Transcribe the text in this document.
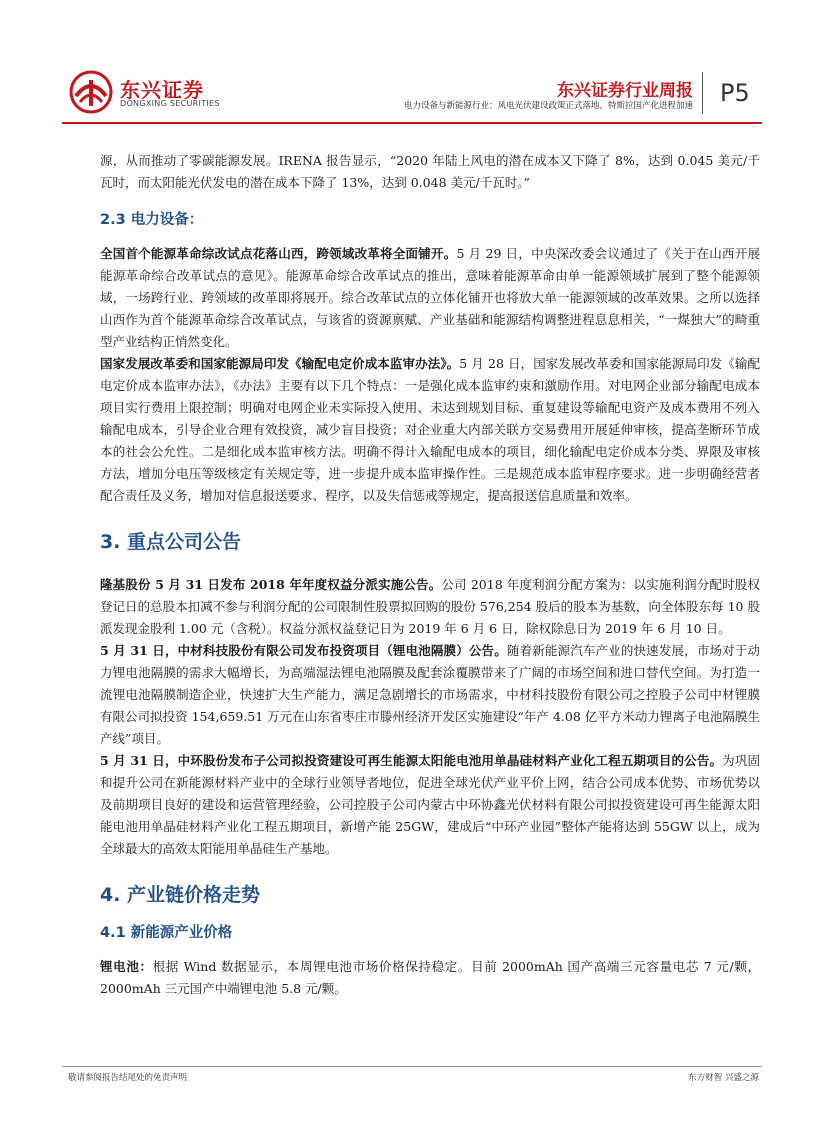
东兴证券
DONGXING SECURITIES
东兴证券行业周报
电力设备与新能源行业：风电光伏建设政策正式落地，特斯拉国产化进程加速 P5

源，从而推动了零碳能源发展。IRENA 报告显示，“2020 年陆上风电的潜在成本又下降了 8%，达到 0.045 美元/千瓦时，而太阳能光伏发电的潜在成本下降了 13%，达到 0.048 美元/千瓦时。”

2.3 电力设备：

全国首个能源革命综改试点花落山西，跨领域改革将全面铺开。5 月 29 日，中央深改委会议通过了《关于在山西开展能源革命综合改革试点的意见》。能源革命综合改革试点的推出，意味着能源革命由单一能源领域扩展到了整个能源领域，一场跨行业、跨领域的改革即将展开。综合改革试点的立体化铺开也将放大单一能源领域的改革效果。之所以选择山西作为首个能源革命综合改革试点，与该省的资源禀赋、产业基础和能源结构调整进程息息相关，“一煤独大”的畸重型产业结构正悄然变化。

国家发展改革委和国家能源局印发《输配电定价成本监审办法》。5 月 28 日，国家发展改革委和国家能源局印发《输配电定价成本监审办法》，《办法》主要有以下几个特点：一是强化成本监审约束和激励作用。对电网企业部分输配电成本项目实行费用上限控制；明确对电网企业未实际投入使用、未达到规划目标、重复建设等输配电资产及成本费用不列入输配电成本，引导企业合理有效投资，减少盲目投资；对企业重大内部关联方交易费用开展延伸审核，提高垄断环节成本的社会公允性。二是细化成本监审核方法。明确不得计入输配电成本的项目，细化输配电定价成本分类、界限及审核方法，增加分电压等级核定有关规定等，进一步提升成本监审操作性。三是规范成本监审程序要求。进一步明确经营者配合责任及义务，增加对信息报送要求、程序，以及失信惩戒等规定，提高报送信息质量和效率。

3. 重点公司公告

隆基股份 5 月 31 日发布 2018 年年度权益分派实施公告。公司 2018 年度利润分配方案为：以实施利润分配时股权登记日的总股本扣减不参与利润分配的公司限制性股票拟回购的股份 576,254 股后的股本为基数，向全体股东每 10 股派发现金股利 1.00 元（含税）。权益分派权益登记日为 2019 年 6 月 6 日，除权除息日为 2019 年 6 月 10 日。

5 月 31 日，中材科技股份有限公司发布投资项目（锂电池隔膜）公告。随着新能源汽车产业的快速发展，市场对于动力锂电池隔膜的需求大幅增长，为高端湿法锂电池隔膜及配套涂覆膜带来了广阔的市场空间和进口替代空间。为打造一流锂电池隔膜制造企业，快速扩大生产能力，满足急剧增长的市场需求，中材科技股份有限公司之控股子公司中材锂膜有限公司拟投资 154,659.51 万元在山东省枣庄市滕州经济开发区实施建设“年产 4.08 亿平方米动力锂离子电池隔膜生产线”项目。

5 月 31 日，中环股份发布子公司拟投资建设可再生能源太阳能电池用单晶硅材料产业化工程五期项目的公告。为巩固和提升公司在新能源材料产业中的全球行业领导者地位，促进全球光伏产业平价上网，结合公司成本优势、市场优势以及前期项目良好的建设和运营管理经验，公司控股子公司内蒙古中环协鑫光伏材料有限公司拟投资建设可再生能源太阳能电池用单晶硅材料产业化工程五期项目，新增产能 25GW，建成后“中环产业园”整体产能将达到 55GW 以上，成为全球最大的高效太阳能用单晶硅生产基地。

4. 产业链价格走势

4.1 新能源产业价格

锂电池：根据 Wind 数据显示，本周锂电池市场价格保持稳定。目前 2000mAh 国产高端三元容量电芯 7 元/颗，2000mAh 三元国产中端锂电池 5.8 元/颗。

敬请参阅报告结尾处的免责声明	东方财智 兴盛之源
